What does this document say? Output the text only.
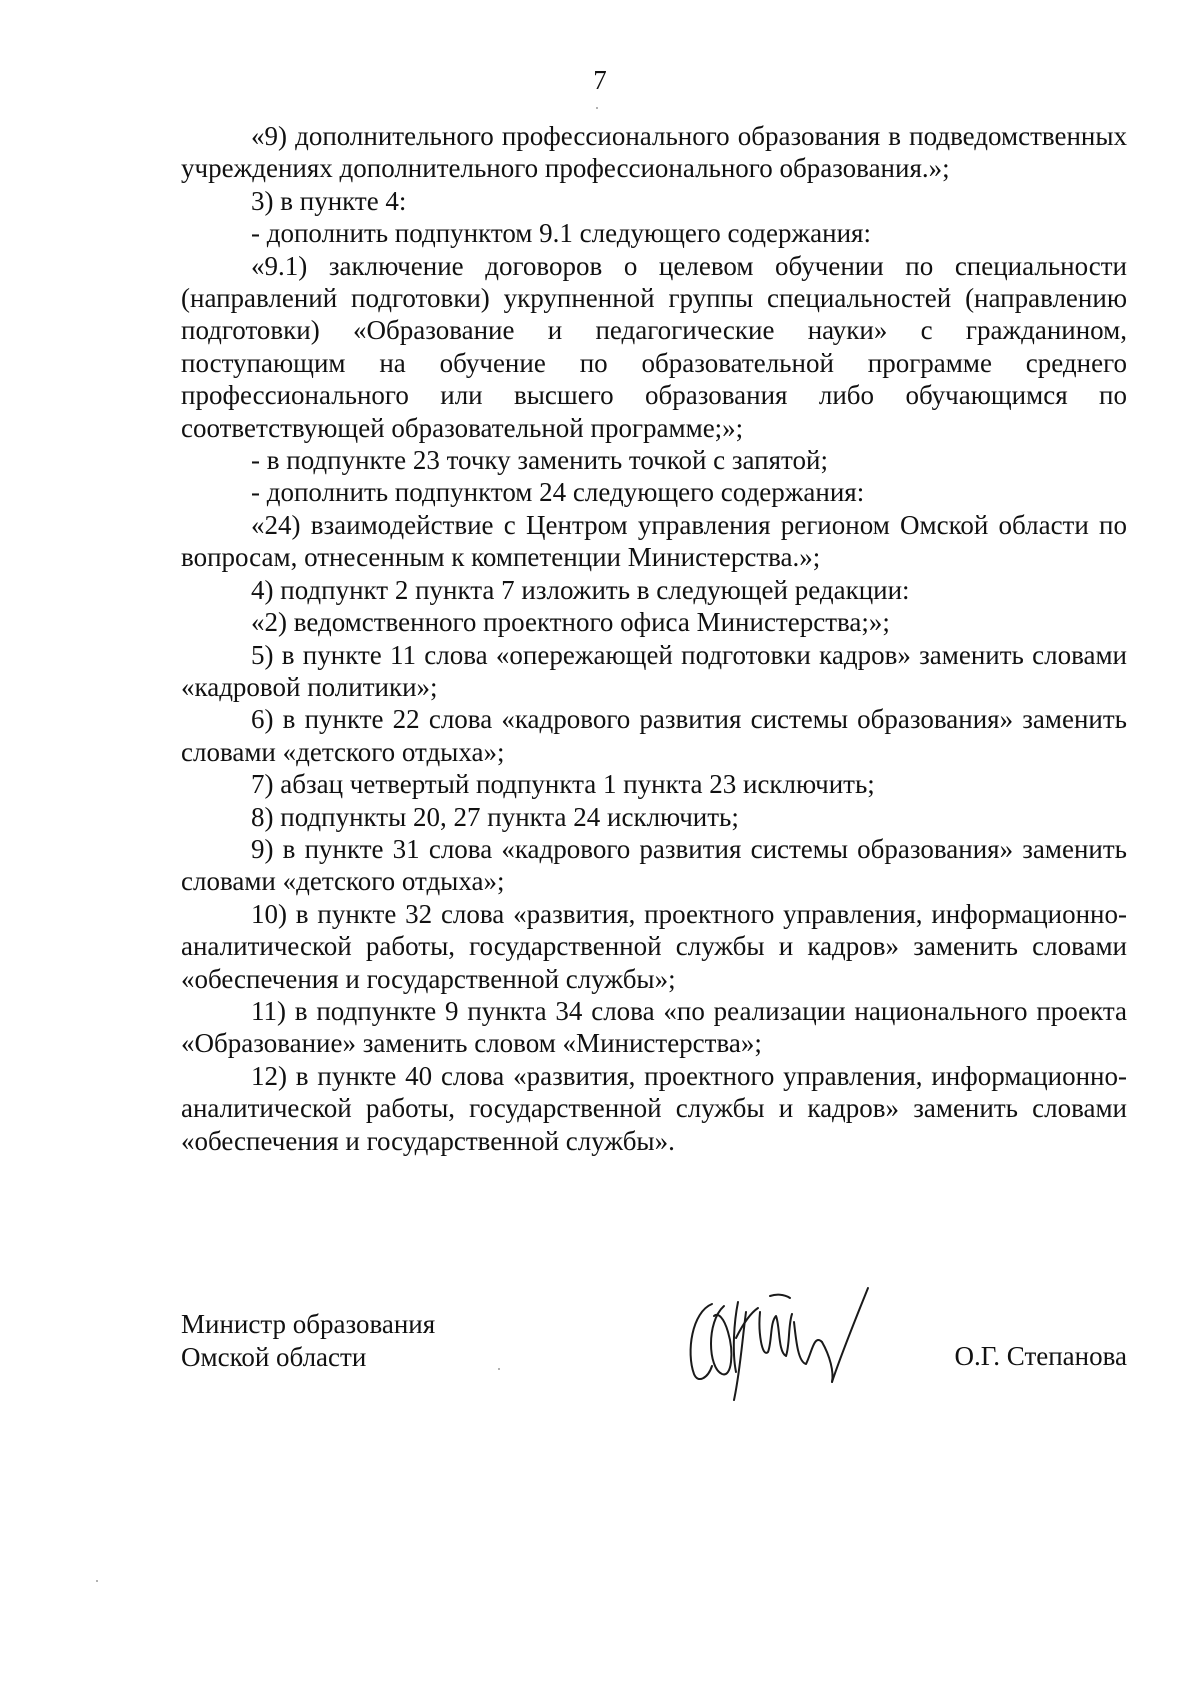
7

«9) дополнительного профессионального образования в подведомственных учреждениях дополнительного профессионального образования.»;

3) в пункте 4:

- дополнить подпунктом 9.1 следующего содержания:

«9.1) заключение договоров о целевом обучении по специальности (направлений подготовки) укрупненной группы специальностей (направлению подготовки) «Образование и педагогические науки» с гражданином, поступающим на обучение по образовательной программе среднего профессионального или высшего образования либо обучающимся по соответствующей образовательной программе;»;

- в подпункте 23 точку заменить точкой с запятой;

- дополнить подпунктом 24 следующего содержания:

«24) взаимодействие с Центром управления регионом Омской области по вопросам, отнесенным к компетенции Министерства.»;

4) подпункт 2 пункта 7 изложить в следующей редакции:

«2) ведомственного проектного офиса Министерства;»;

5) в пункте 11 слова «опережающей подготовки кадров» заменить словами «кадровой политики»;

6) в пункте 22 слова «кадрового развития системы образования» заменить словами «детского отдыха»;

7) абзац четвертый подпункта 1 пункта 23 исключить;

8) подпункты 20, 27 пункта 24 исключить;

9) в пункте 31 слова «кадрового развития системы образования» заменить словами «детского отдыха»;

10) в пункте 32 слова «развития, проектного управления, информационно-аналитической работы, государственной службы и кадров» заменить словами «обеспечения и государственной службы»;

11) в подпункте 9 пункта 34 слова «по реализации национального проекта «Образование» заменить словом «Министерства»;

12) в пункте 40 слова «развития, проектного управления, информационно-аналитической работы, государственной службы и кадров» заменить словами «обеспечения и государственной службы».

Министр образования
Омской области	О.Г. Степанова
